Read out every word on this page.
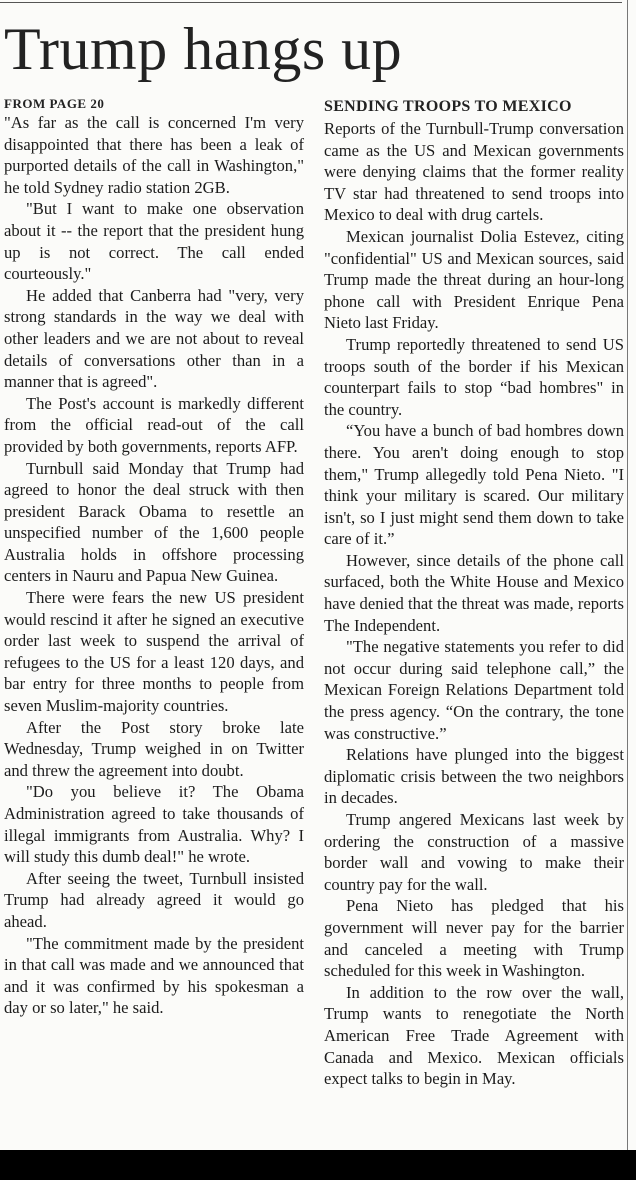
Trump hangs up

FROM PAGE 20

"As far as the call is concerned I'm very disappointed that there has been a leak of purported details of the call in Washington," he told Sydney radio station 2GB.

"But I want to make one observation about it -- the report that the president hung up is not correct. The call ended courteously."

He added that Canberra had "very, very strong standards in the way we deal with other leaders and we are not about to reveal details of conversations other than in a manner that is agreed".

The Post's account is markedly different from the official read-out of the call provided by both governments, reports AFP.

Turnbull said Monday that Trump had agreed to honor the deal struck with then president Barack Obama to resettle an unspecified number of the 1,600 people Australia holds in offshore processing centers in Nauru and Papua New Guinea.

There were fears the new US president would rescind it after he signed an executive order last week to suspend the arrival of refugees to the US for a least 120 days, and bar entry for three months to people from seven Muslim-majority countries.

After the Post story broke late Wednesday, Trump weighed in on Twitter and threw the agreement into doubt.

"Do you believe it? The Obama Administration agreed to take thousands of illegal immigrants from Australia. Why? I will study this dumb deal!" he wrote.

After seeing the tweet, Turnbull insisted Trump had already agreed it would go ahead.

"The commitment made by the president in that call was made and we announced that and it was confirmed by his spokesman a day or so later," he said.

SENDING TROOPS TO MEXICO

Reports of the Turnbull-Trump conversation came as the US and Mexican governments were denying claims that the former reality TV star had threatened to send troops into Mexico to deal with drug cartels.

Mexican journalist Dolia Estevez, citing "confidential" US and Mexican sources, said Trump made the threat during an hour-long phone call with President Enrique Pena Nieto last Friday.

Trump reportedly threatened to send US troops south of the border if his Mexican counterpart fails to stop “bad hombres" in the country.

“You have a bunch of bad hombres down there. You aren't doing enough to stop them," Trump allegedly told Pena Nieto. "I think your military is scared. Our military isn't, so I just might send them down to take care of it.”

However, since details of the phone call surfaced, both the White House and Mexico have denied that the threat was made, reports The Independent.

"The negative statements you refer to did not occur during said telephone call,” the Mexican Foreign Relations Department told the press agency. “On the contrary, the tone was constructive.”

Relations have plunged into the biggest diplomatic crisis between the two neighbors in decades.

Trump angered Mexicans last week by ordering the construction of a massive border wall and vowing to make their country pay for the wall.

Pena Nieto has pledged that his government will never pay for the barrier and canceled a meeting with Trump scheduled for this week in Washington.

In addition to the row over the wall, Trump wants to renegotiate the North American Free Trade Agreement with Canada and Mexico. Mexican officials expect talks to begin in May.
